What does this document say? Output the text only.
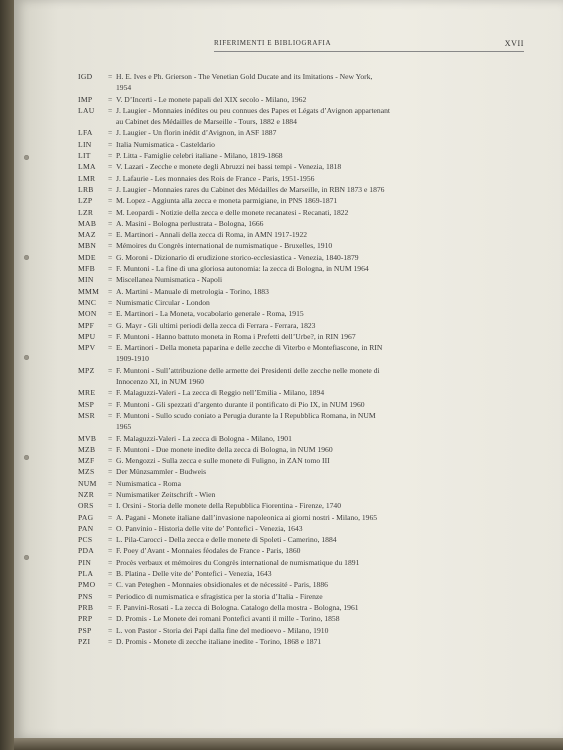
RIFERIMENTI E BIBLIOGRAFIA	XVII
IGD	= H. E. Ives e Ph. Grierson - The Venetian Gold Ducate and its Imitations - New York,
1954
IMP	= V. D’Incerti - Le monete papali del XIX secolo - Milano, 1962
LAU	= J. Laugier - Monnaies inédites ou peu connues des Papes et Légats d’Avignon appartenant
au Cabinet des Médailles de Marseille - Tours, 1882 e 1884
LFA	= J. Laugier - Un florin inédit d’Avignon, in ASF 1887
LIN	= Italia Numismatica - Casteldario
LIT	= P. Litta - Famiglie celebri italiane - Milano, 1819-1868
LMA	= V. Lazari - Zecche e monete degli Abruzzi nei bassi tempi - Venezia, 1818
LMR	= J. Lafaurie - Les monnaies des Rois de France - Paris, 1951-1956
LRB	= J. Laugier - Monnaies rares du Cabinet des Médailles de Marseille, in RBN 1873 e 1876
LZP	= M. Lopez - Aggiunta alla zecca e moneta parmigiane, in PNS 1869-1871
LZR	= M. Leopardi - Notizie della zecca e delle monete recanatesi - Recanati, 1822
MAB	= A. Masini - Bologna perlustrata - Bologna, 1666
MAZ	= E. Martinori - Annali della zecca di Roma, in AMN 1917-1922
MBN	= Mémoires du Congrès international de numismatique - Bruxelles, 1910
MDE	= G. Moroni - Dizionario di erudizione storico-ecclesiastica - Venezia, 1840-1879
MFB	= F. Muntoni - La fine di una gloriosa autonomia: la zecca di Bologna, in NUM 1964
MIN	= Miscellanea Numismatica - Napoli
MMM	= A. Martini - Manuale di metrologia - Torino, 1883
MNC	= Numismatic Circular - London
MON	= E. Martinori - La Moneta, vocabolario generale - Roma, 1915
MPF	= G. Mayr - Gli ultimi periodi della zecca di Ferrara - Ferrara, 1823
MPU	= F. Muntoni - Hanno battuto moneta in Roma i Prefetti dell’Urbe?, in RIN 1967
MPV	= E. Martinori - Della moneta paparina e delle zecche di Viterbo e Montefiascone, in RIN
1909-1910
MPZ	= F. Muntoni - Sull’attribuzione delle armette dei Presidenti delle zecche nelle monete di
Innocenzo XI, in NUM 1960
MRE	= F. Malaguzzi-Valeri - La zecca di Reggio nell’Emilia - Milano, 1894
MSP	= F. Muntoni - Gli spezzati d’argento durante il pontificato di Pio IX, in NUM 1960
MSR	= F. Muntoni - Sullo scudo coniato a Perugia durante la I Repubblica Romana, in NUM
1965
MVB	= F. Malaguzzi-Valeri - La zecca di Bologna - Milano, 1901
MZB	= F. Muntoni - Due monete inedite della zecca di Bologna, in NUM 1960
MZF	= G. Mengozzi - Sulla zecca e sulle monete di Fuligno, in ZAN tomo III
MZS	= Der Münzsammler - Budweis
NUM	= Numismatica - Roma
NZR	= Numismatiker Zeitschrift - Wien
ORS	= I. Orsini - Storia delle monete della Repubblica Fiorentina - Firenze, 1740
PAG	= A. Pagani - Monete italiane dall’invasione napoleonica ai giorni nostri - Milano, 1965
PAN	= O. Panvinio - Historia delle vite de’ Pontefici - Venezia, 1643
PCS	= L. Pila-Carocci - Della zecca e delle monete di Spoleti - Camerino, 1884
PDA	= F. Poey d’Avant - Monnaies féodales de France - Paris, 1860
PIN	= Procès verbaux et mémoires du Congrès international de numismatique du 1891
PLA	= B. Platina - Delle vite de’ Pontefici - Venezia, 1643
PMO	= C. van Peteghen - Monnaies obsidionales et de nécessité - Paris, 1886
PNS	= Periodico di numismatica e sfragistica per la storia d’Italia - Firenze
PRB	= F. Panvini-Rosati - La zecca di Bologna. Catalogo della mostra - Bologna, 1961
PRP	= D. Promis - Le Monete dei romani Pontefici avanti il mille - Torino, 1858
PSP	= L. von Pastor - Storia dei Papi dalla fine del medioevo - Milano, 1910
PZI	= D. Promis - Monete di zecche italiane inedite - Torino, 1868 e 1871
